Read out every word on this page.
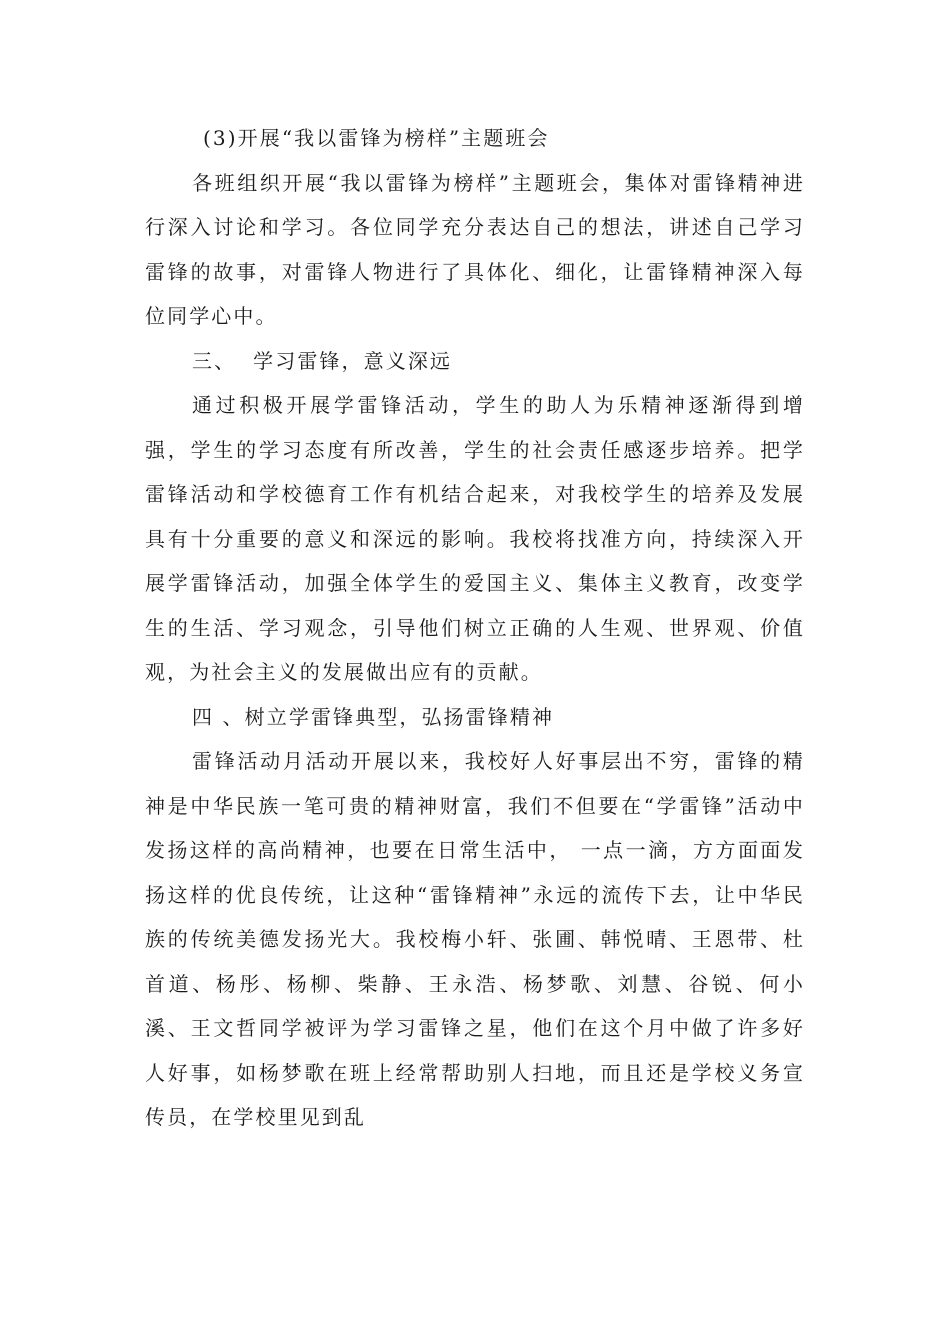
(3)开展“我以雷锋为榜样”主题班会

各班组织开展“我以雷锋为榜样”主题班会，集体对雷锋精神进行深入讨论和学习。各位同学充分表达自己的想法，讲述自己学习雷锋的故事，对雷锋人物进行了具体化、细化，让雷锋精神深入每位同学心中。

三、  学习雷锋，意义深远

通过积极开展学雷锋活动，学生的助人为乐精神逐渐得到增强，学生的学习态度有所改善，学生的社会责任感逐步培养。把学雷锋活动和学校德育工作有机结合起来，对我校学生的培养及发展具有十分重要的意义和深远的影响。我校将找准方向，持续深入开展学雷锋活动，加强全体学生的爱国主义、集体主义教育，改变学生的生活、学习观念，引导他们树立正确的人生观、世界观、价值观，为社会主义的发展做出应有的贡献。

四 、树立学雷锋典型，弘扬雷锋精神

雷锋活动月活动开展以来，我校好人好事层出不穷，雷锋的精神是中华民族一笔可贵的精神财富，我们不但要在“学雷锋”活动中发扬这样的高尚精神，也要在日常生活中， 一点一滴，方方面面发扬这样的优良传统，让这种“雷锋精神”永远的流传下去，让中华民族的传统美德发扬光大。我校梅小轩、张圃、韩悦晴、王恩带、杜首道、杨彤、杨柳、柴静、王永浩、杨梦歌、刘慧、谷锐、何小溪、王文哲同学被评为学习雷锋之星，他们在这个月中做了许多好人好事，如杨梦歌在班上经常帮助别人扫地，而且还是学校义务宣传员，在学校里见到乱
